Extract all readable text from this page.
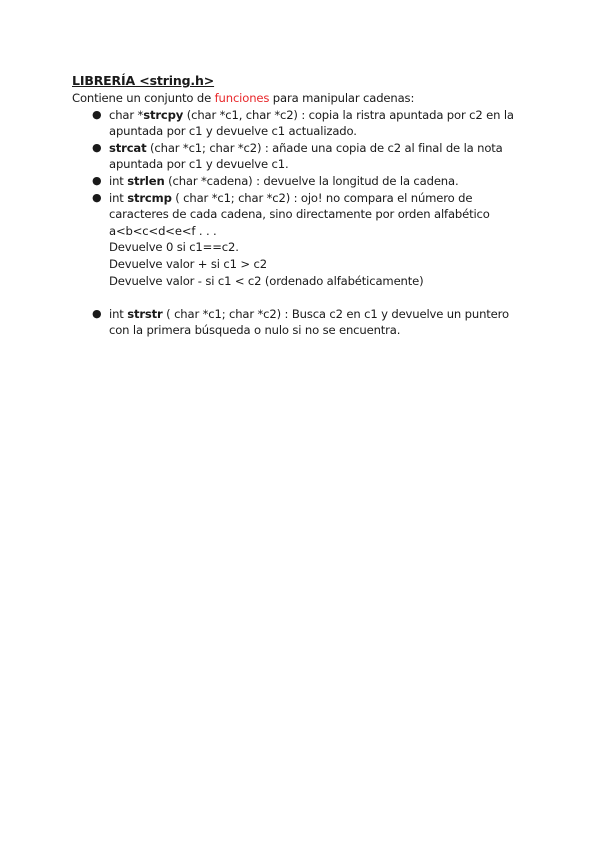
LIBRERÍA <string.h>

Contiene un conjunto de funciones para manipular cadenas:

● char *strcpy (char *c1, char *c2) : copia la ristra apuntada por c2 en la apuntada por c1 y devuelve c1 actualizado.
● strcat (char *c1; char *c2) : añade una copia de c2 al final de la nota apuntada por c1 y devuelve c1.
● int strlen (char *cadena) : devuelve la longitud de la cadena.
● int strcmp ( char *c1; char *c2) : ojo! no compara el número de caracteres de cada cadena, sino directamente por orden alfabético a<b<c<d<e<f . . .
Devuelve 0 si c1==c2.
Devuelve valor + si c1 > c2
Devuelve valor - si c1 < c2 (ordenado alfabéticamente)
● int strstr ( char *c1; char *c2) : Busca c2 en c1 y devuelve un puntero con la primera búsqueda o nulo si no se encuentra.
